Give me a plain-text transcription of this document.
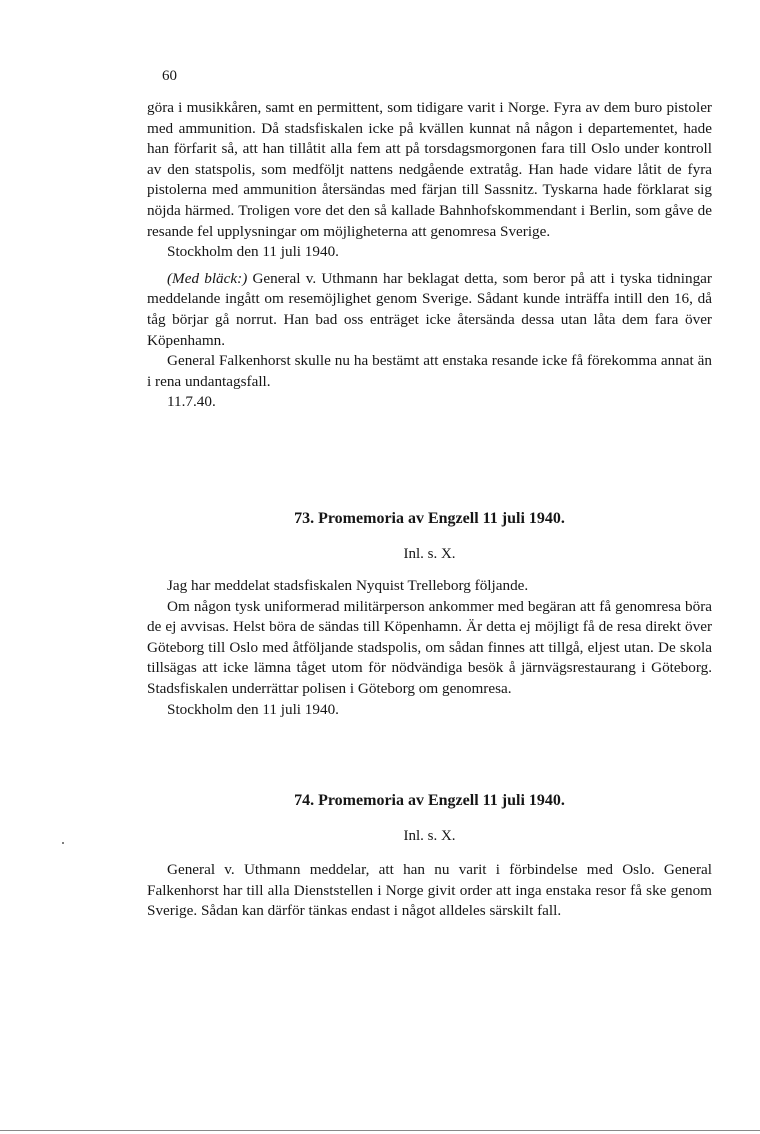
60

göra i musikkåren, samt en permittent, som tidigare varit i Norge. Fyra av dem buro pistoler med ammunition. Då stadsfiskalen icke på kvällen kunnat nå någon i departementet, hade han förfarit så, att han tillåtit alla fem att på torsdagsmorgonen fara till Oslo under kontroll av den statspolis, som medföljt nattens nedgående extratåg. Han hade vidare låtit de fyra pistolerna med ammunition återsändas med färjan till Sassnitz. Tyskarna hade förklarat sig nöjda härmed. Troligen vore det den så kallade Bahnhofskommendant i Berlin, som gåve de resande fel upplysningar om möjligheterna att genomresa Sverige.

Stockholm den 11 juli 1940.

(Med bläck:) General v. Uthmann har beklagat detta, som beror på att i tyska tidningar meddelande ingått om resemöjlighet genom Sverige. Sådant kunde inträffa intill den 16, då tåg börjar gå norrut. Han bad oss enträget icke återsända dessa utan låta dem fara över Köpenhamn.

General Falkenhorst skulle nu ha bestämt att enstaka resande icke få förekomma annat än i rena undantagsfall.

11.7.40.

73. Promemoria av Engzell 11 juli 1940.
Inl. s. X.

Jag har meddelat stadsfiskalen Nyquist Trelleborg följande.

Om någon tysk uniformerad militärperson ankommer med begäran att få genomresa böra de ej avvisas. Helst böra de sändas till Köpenhamn. Är detta ej möjligt få de resa direkt över Göteborg till Oslo med åtföljande stadspolis, om sådan finnes att tillgå, eljest utan. De skola tillsägas att icke lämna tåget utom för nödvändiga besök å järnvägsrestaurang i Göteborg. Stadsfiskalen underrättar polisen i Göteborg om genomresa.

Stockholm den 11 juli 1940.

74. Promemoria av Engzell 11 juli 1940.
Inl. s. X.

General v. Uthmann meddelar, att han nu varit i förbindelse med Oslo. General Falkenhorst har till alla Dienststellen i Norge givit order att inga enstaka resor få ske genom Sverige. Sådan kan därför tänkas endast i något alldeles särskilt fall.
